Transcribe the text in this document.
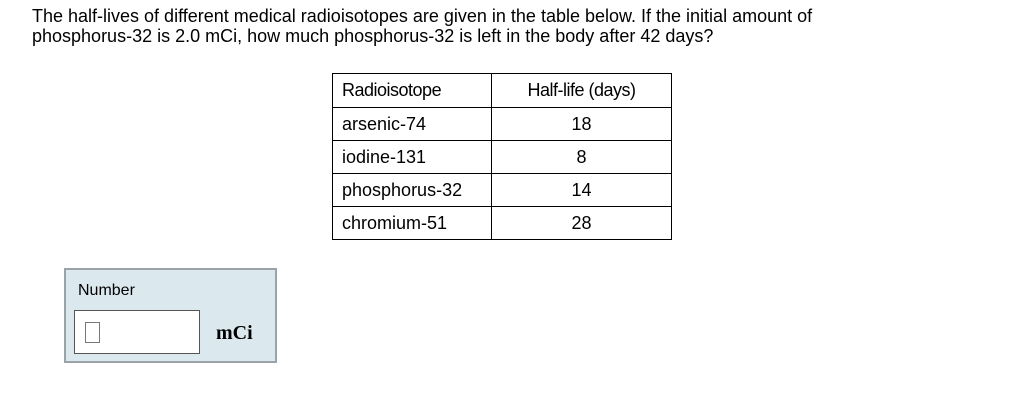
The half-lives of different medical radioisotopes are given in the table below. If the initial amount of
phosphorus-32 is 2.0 mCi, how much phosphorus-32 is left in the body after 42 days?
Radioisotope	Half-life (days)
arsenic-74	18
iodine-131	8
phosphorus-32	14
chromium-51	28
Number
mCi
